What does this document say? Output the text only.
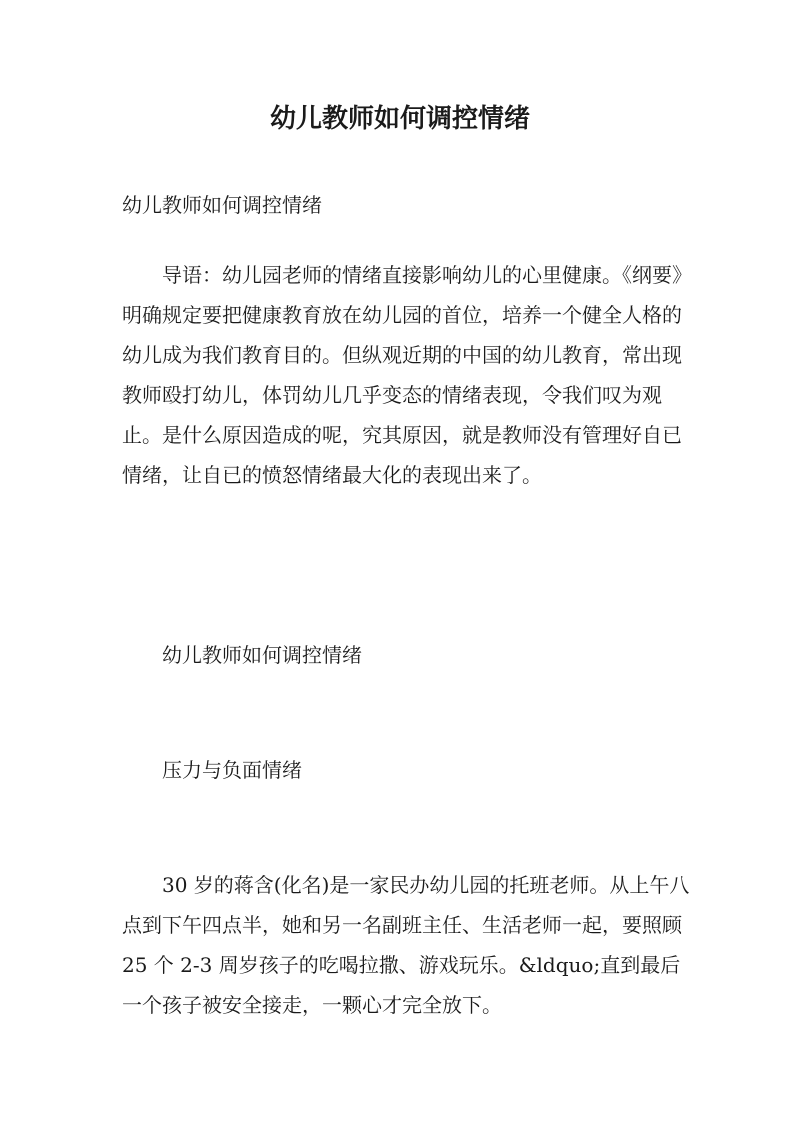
幼儿教师如何调控情绪

幼儿教师如何调控情绪

导语：幼儿园老师的情绪直接影响幼儿的心里健康。《纲要》明确规定要把健康教育放在幼儿园的首位，培养一个健全人格的幼儿成为我们教育目的。但纵观近期的中国的幼儿教育，常出现教师殴打幼儿，体罚幼儿几乎变态的情绪表现，令我们叹为观止。是什么原因造成的呢，究其原因，就是教师没有管理好自已情绪，让自已的愤怒情绪最大化的表现出来了。

幼儿教师如何调控情绪

压力与负面情绪

30 岁的蒋含(化名)是一家民办幼儿园的托班老师。从上午八点到下午四点半，她和另一名副班主任、生活老师一起，要照顾25 个 2-3 周岁孩子的吃喝拉撒、游戏玩乐。&ldquo;直到最后一个孩子被安全接走，一颗心才完全放下。
